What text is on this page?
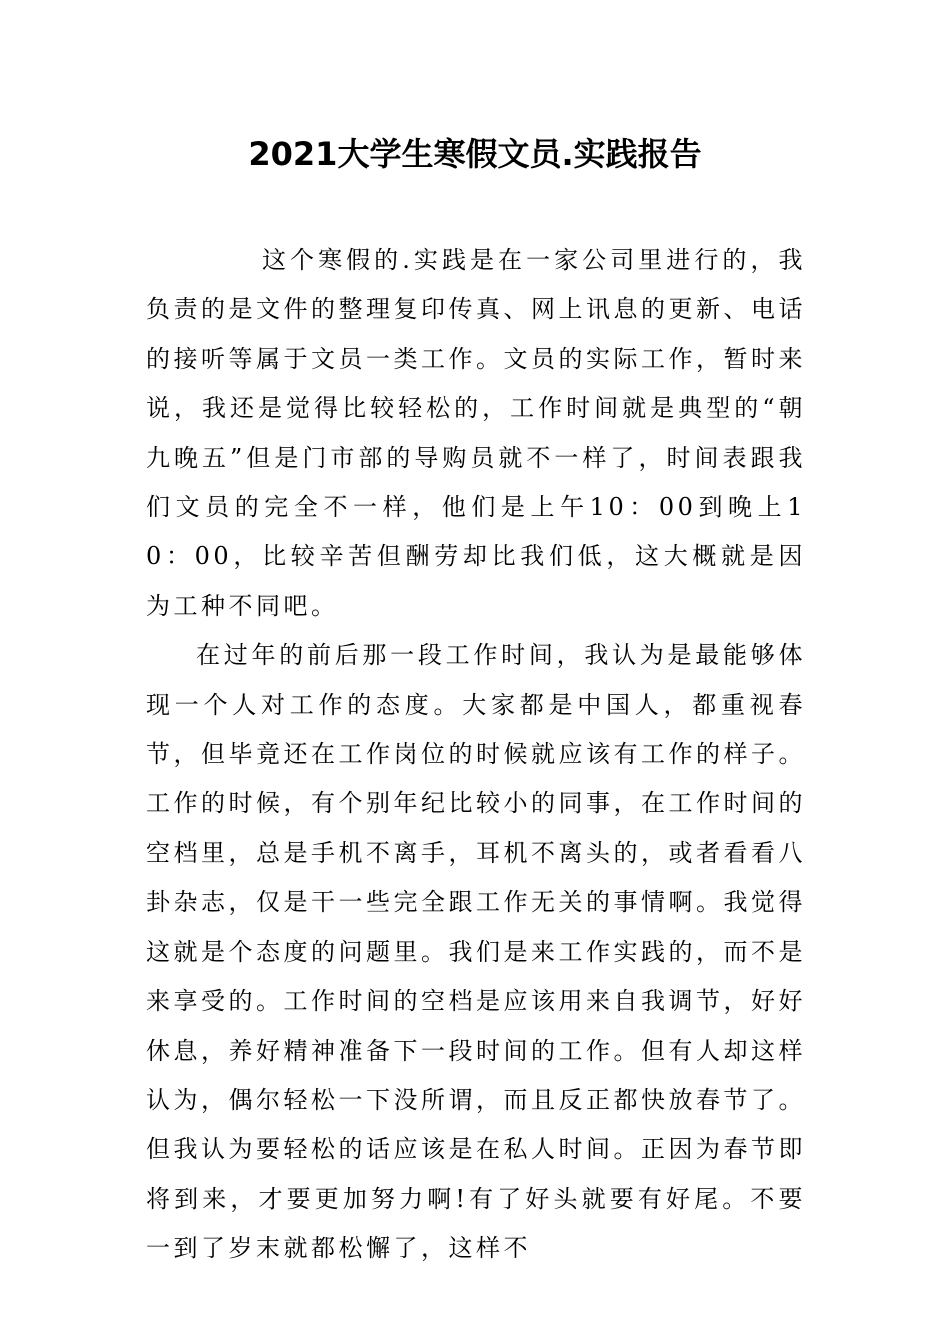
2021大学生寒假文员.实践报告

这个寒假的.实践是在一家公司里进行的，我负责的是文件的整理复印传真、网上讯息的更新、电话的接听等属于文员一类工作。文员的实际工作，暂时来说，我还是觉得比较轻松的，工作时间就是典型的“朝九晚五”但是门市部的导购员就不一样了，时间表跟我们文员的完全不一样，他们是上午10：00到晚上10：00，比较辛苦但酬劳却比我们低，这大概就是因为工种不同吧。

在过年的前后那一段工作时间，我认为是最能够体现一个人对工作的态度。大家都是中国人，都重视春节，但毕竟还在工作岗位的时候就应该有工作的样子。工作的时候，有个别年纪比较小的同事，在工作时间的空档里，总是手机不离手，耳机不离头的，或者看看八卦杂志，仅是干一些完全跟工作无关的事情啊。我觉得这就是个态度的问题里。我们是来工作实践的，而不是来享受的。工作时间的空档是应该用来自我调节，好好休息，养好精神准备下一段时间的工作。但有人却这样认为，偶尔轻松一下没所谓，而且反正都快放春节了。但我认为要轻松的话应该是在私人时间。正因为春节即将到来，才要更加努力啊!有了好头就要有好尾。不要一到了岁末就都松懈了，这样不
